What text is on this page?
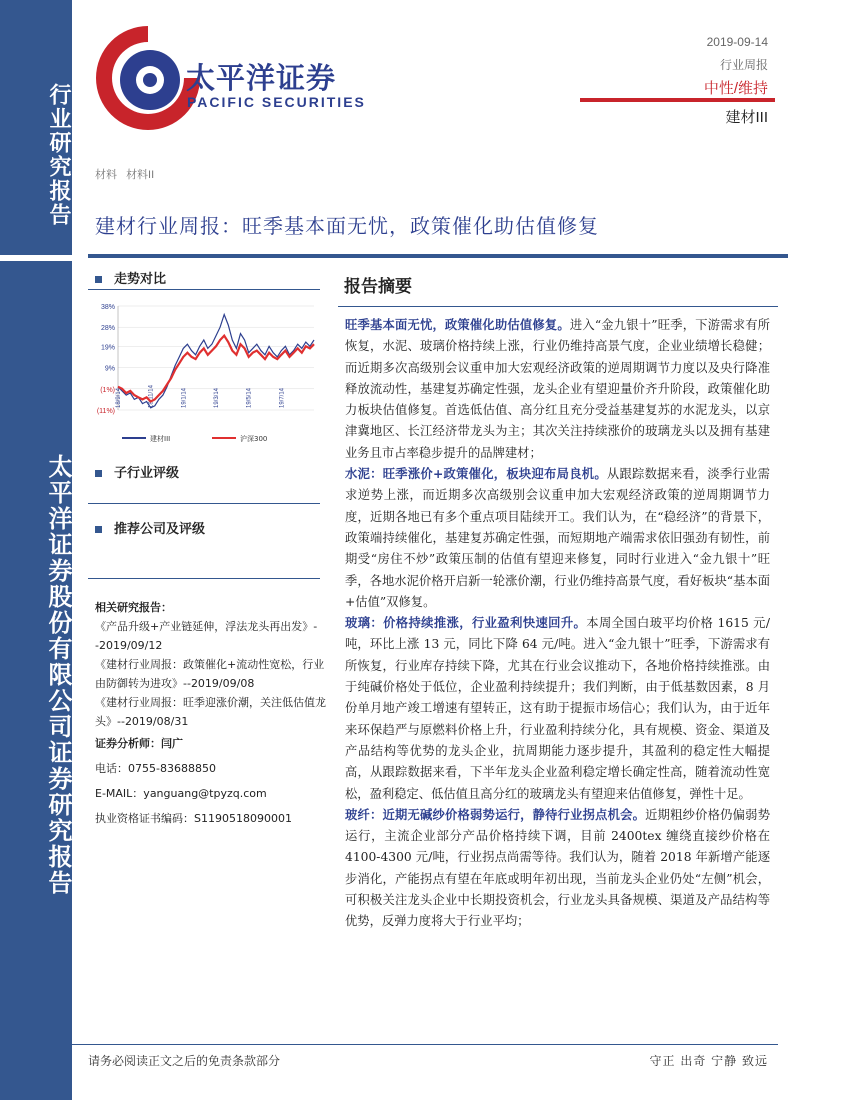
行业研究报告
太平洋证券股份有限公司证券研究报告
太平洋证券
PACIFIC SECURITIES
2019-09-14
行业周报
中性/维持
建材III
材料 材料II
建材行业周报：旺季基本面无忧，政策催化助估值修复
走势对比
38%
28%
19%
9%
(1%)
(11%)
18/9/14	18/11/14	19/1/14	19/3/14	19/5/14	19/7/14
建材III	沪深300
子行业评级
推荐公司及评级
相关研究报告：
《产品升级+产业链延伸，浮法龙头再出发》--2019/09/12
《建材行业周报：政策催化+流动性宽松，行业由防御转为进攻》--2019/09/08
《建材行业周报：旺季迎涨价潮，关注低估值龙头》--2019/08/31
证券分析师：闫广
电话：0755-83688850
E-MAIL：yanguang@tpyzq.com
执业资格证书编码：S1190518090001
报告摘要

旺季基本面无忧，政策催化助估值修复。进入“金九银十”旺季，下游需求有所恢复，水泥、玻璃价格持续上涨，行业仍维持高景气度，企业业绩增长稳健；而近期多次高级别会议重申加大宏观经济政策的逆周期调节力度以及央行降准释放流动性，基建复苏确定性强，龙头企业有望迎量价齐升阶段，政策催化助力板块估值修复。首选低估值、高分红且充分受益基建复苏的水泥龙头，以京津冀地区、长江经济带龙头为主；其次关注持续涨价的玻璃龙头以及拥有基建业务且市占率稳步提升的品牌建材；

水泥：旺季涨价+政策催化，板块迎布局良机。从跟踪数据来看，淡季行业需求逆势上涨，而近期多次高级别会议重申加大宏观经济政策的逆周期调节力度，近期各地已有多个重点项目陆续开工。我们认为，在“稳经济”的背景下，政策端持续催化，基建复苏确定性强，而短期地产端需求依旧强劲有韧性，前期受“房住不炒”政策压制的估值有望迎来修复，同时行业进入“金九银十”旺季，各地水泥价格开启新一轮涨价潮，行业仍维持高景气度，看好板块“基本面+估值”双修复。

玻璃：价格持续推涨，行业盈利快速回升。本周全国白玻平均价格 1615 元/吨，环比上涨 13 元，同比下降 64 元/吨。进入“金九银十”旺季，下游需求有所恢复，行业库存持续下降，尤其在行业会议推动下，各地价格持续推涨。由于纯碱价格处于低位，企业盈利持续提升；我们判断，由于低基数因素，8 月份单月地产竣工增速有望转正，这有助于提振市场信心；我们认为，由于近年来环保趋严与原燃料价格上升，行业盈利持续分化，具有规模、资金、渠道及产品结构等优势的龙头企业，抗周期能力逐步提升，其盈利的稳定性大幅提高，从跟踪数据来看，下半年龙头企业盈利稳定增长确定性高，随着流动性宽松，盈利稳定、低估值且高分红的玻璃龙头有望迎来估值修复，弹性十足。

玻纤：近期无碱纱价格弱势运行，静待行业拐点机会。近期粗纱价格仍偏弱势运行，主流企业部分产品价格持续下调，目前 2400tex 缠绕直接纱价格在 4100-4300 元/吨，行业拐点尚需等待。我们认为，随着 2018 年新增产能逐步消化，产能拐点有望在年底或明年初出现，当前龙头企业仍处“左侧”机会，可积极关注龙头企业中长期投资机会，行业龙头具备规模、渠道及产品结构等优势，反弹力度将大于行业平均；

请务必阅读正文之后的免责条款部分	守正 出奇 宁静 致远
